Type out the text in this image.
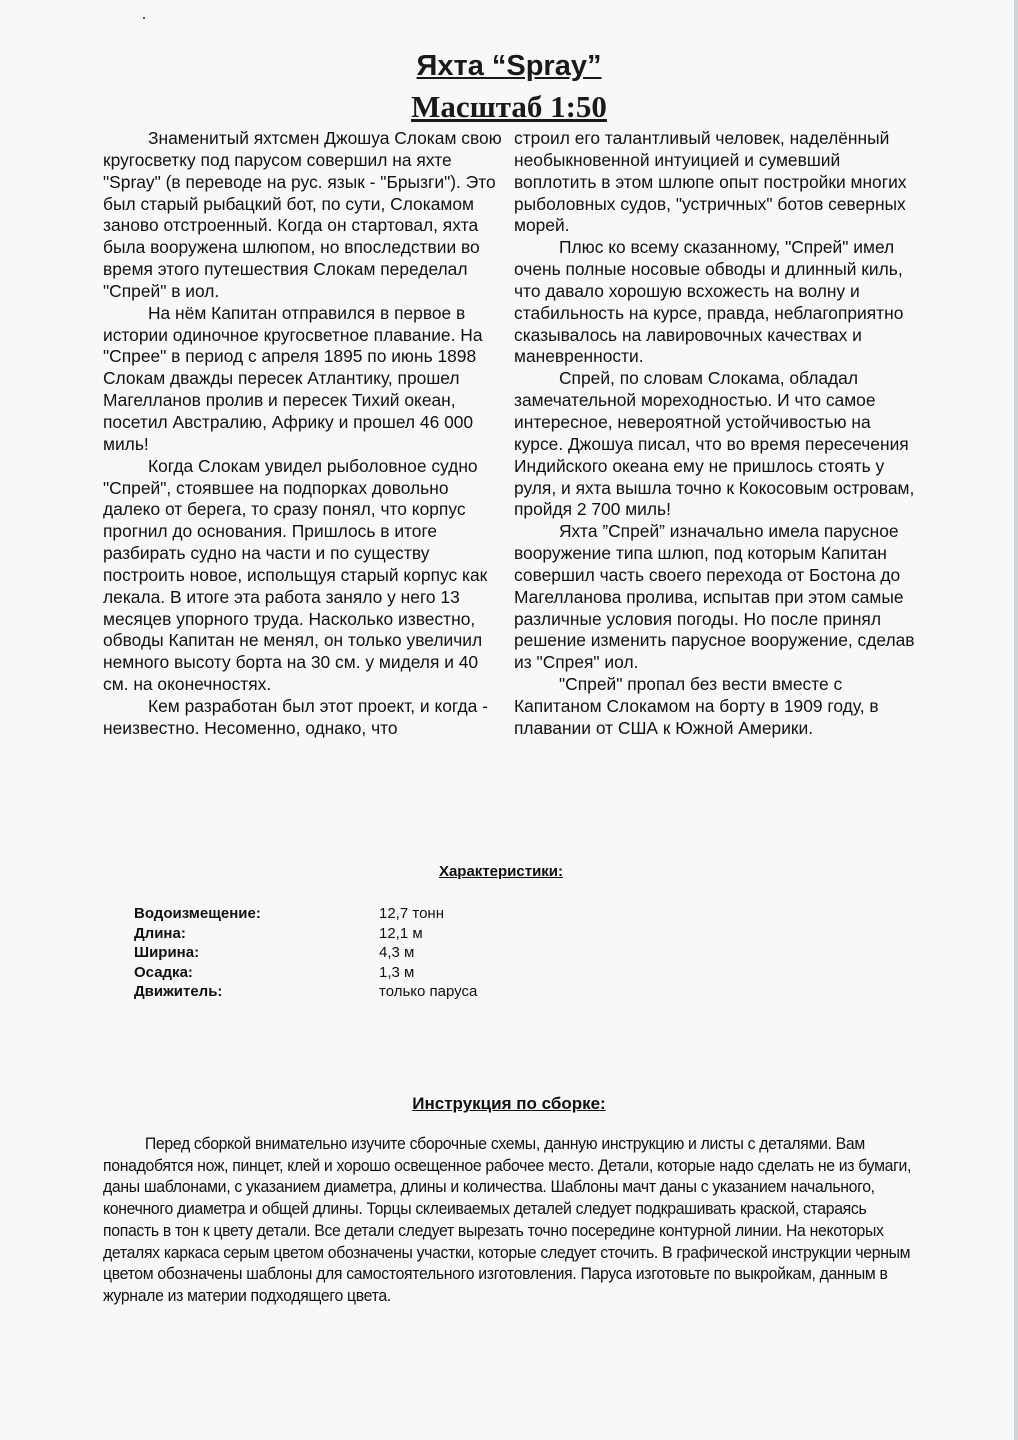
Яхта “Spray”
Масштаб 1:50

Знаменитый яхтсмен Джошуа Слокам свою кругосветку под парусом совершил на яхте "Spray" (в переводе на рус. язык - "Брызги"). Это был старый рыбацкий бот, по сути, Слокамом заново отстроенный. Когда он стартовал, яхта была вооружена шлюпом, но впоследствии во время этого путешествия Слокам переделал "Спрей" в иол.

На нём Капитан отправился в первое в истории одиночное кругосветное плавание. На "Спрее" в период с апреля 1895 по июнь 1898 Слокам дважды пересек Атлантику, прошел Магелланов пролив и пересек Тихий океан, посетил Австралию, Африку и прошел 46 000 миль!

Когда Слокам увидел рыболовное судно "Спрей", стоявшее на подпорках довольно далеко от берега, то сразу понял, что корпус прогнил до основания. Пришлось в итоге разбирать судно на части и по существу построить новое, испольщуя старый корпус как лекала. В итоге эта работа заняло у него 13 месяцев упорного труда. Насколько известно, обводы Капитан не менял, он только увеличил немного высоту борта на 30 см. у миделя и 40 см. на оконечностях.

Кем разработан был этот проект, и когда - неизвестно. Несоменно, однако, что

строил его талантливый человек, наделённый необыкновенной интуицией и сумевший воплотить в этом шлюпе опыт постройки многих рыболовных судов, "устричных" ботов северных морей.

Плюс ко всему сказанному, "Спрей" имел очень полные носовые обводы и длинный киль, что давало хорошую всхожесть на волну и стабильность на курсе, правда, неблагоприятно сказывалось на лавировочных качествах и маневренности.

Спрей, по словам Слокама, обладал замечательной мореходностью. И что самое интересное, невероятной устойчивостью на курсе. Джошуа писал, что во время пересечения Индийского океана ему не пришлось стоять у руля, и яхта вышла точно к Кокосовым островам, пройдя 2 700 миль!

Яхта ”Спрей” изначально имела парусное вооружение типа шлюп, под которым Капитан совершил часть своего перехода от Бостона до Магелланова пролива, испытав при этом самые различные условия погоды. Но после принял решение изменить парусное вооружение, сделав из "Спрея" иол.

"Спрей" пропал без вести вместе с Капитаном Слокамом на борту в 1909 году, в плавании от США к Южной Америки.

Характеристики:
Водоизмещение:	12,7 тонн
Длина:	12,1 м
Ширина:	4,3 м
Осадка:	1,3 м
Движитель:	только паруса
Инструкция по сборке:

Перед сборкой внимательно изучите сборочные схемы, данную инструкцию и листы с деталями. Вам понадобятся нож, пинцет, клей и хорошо освещенное рабочее место. Детали, которые надо сделать не из бумаги, даны шаблонами, с указанием диаметра, длины и количества. Шаблоны мачт даны с указанием начального, конечного диаметра и общей длины. Торцы склеиваемых деталей следует подкрашивать краской, стараясь попасть в тон к цвету детали. Все детали следует вырезать точно посередине контурной линии. На некоторых деталях каркаса серым цветом обозначены участки, которые следует сточить. В графической инструкции черным цветом обозначены шаблоны для самостоятельного изготовления. Паруса изготовьте по выкройкам, данным в журнале из материи подходящего цвета.
